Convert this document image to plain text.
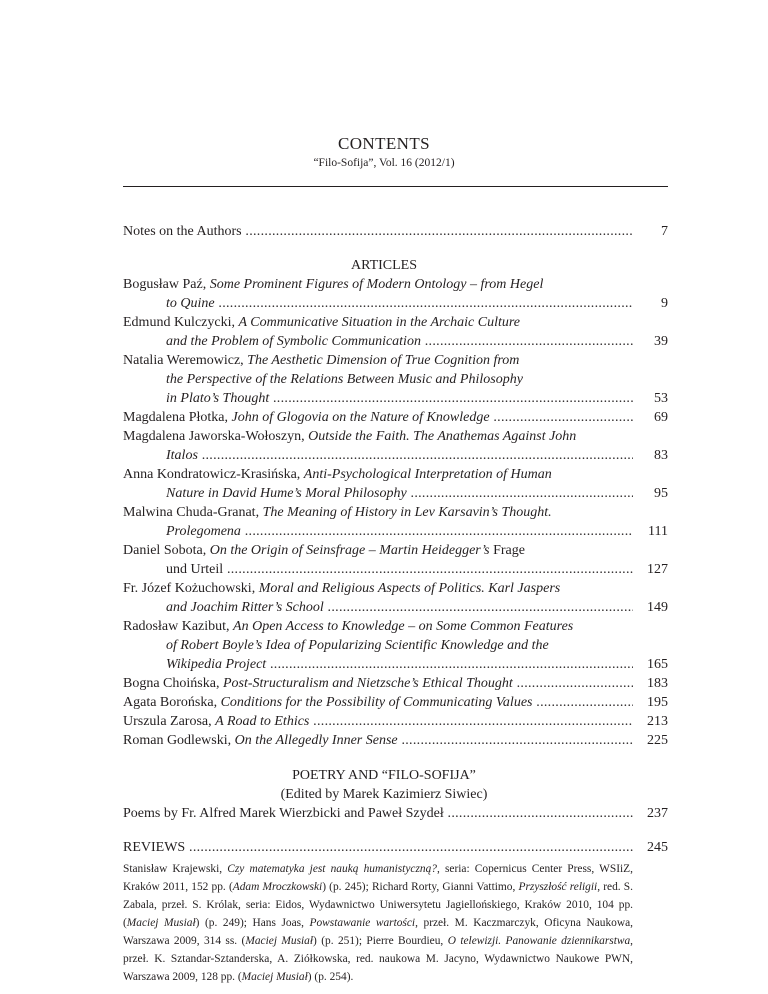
CONTENTS
“Filo-Sofija”, Vol. 16 (2012/1)
Notes on the Authors .....	7
ARTICLES
Bogusław Paź, Some Prominent Figures of Modern Ontology – from Hegel
to Quine .....	9
Edmund Kulczycki, A Communicative Situation in the Archaic Culture
and the Problem of Symbolic Communication .....	39
Natalia Weremowicz, The Aesthetic Dimension of True Cognition from
the Perspective of the Relations Between Music and Philosophy
in Plato’s Thought .....	53
Magdalena Płotka, John of Glogovia on the Nature of Knowledge .....	69
Magdalena Jaworska-Wołoszyn, Outside the Faith. The Anathemas Against John
Italos .....	83
Anna Kondratowicz-Krasińska, Anti-Psychological Interpretation of Human
Nature in David Hume’s Moral Philosophy .....	95
Malwina Chuda-Granat, The Meaning of History in Lev Karsavin’s Thought.
Prolegomena .....	111
Daniel Sobota, On the Origin of Seinsfrage – Martin Heidegger’s Frage
und Urteil .....	127
Fr. Józef Kożuchowski, Moral and Religious Aspects of Politics. Karl Jaspers
and Joachim Ritter’s School .....	149
Radosław Kazibut, An Open Access to Knowledge – on Some Common Features
of Robert Boyle’s Idea of Popularizing Scientific Knowledge and the
Wikipedia Project .....	165
Bogna Choińska, Post-Structuralism and Nietzsche’s Ethical Thought .....	183
Agata Borońska, Conditions for the Possibility of Communicating Values .....	195
Urszula Zarosa, A Road to Ethics .....	213
Roman Godlewski, On the Allegedly Inner Sense .....	225
POETRY AND “FILO-SOFIJA”
(Edited by Marek Kazimierz Siwiec)
Poems by Fr. Alfred Marek Wierzbicki and Paweł Szydeł .....	237
REVIEWS .....	245
Stanisław Krajewski, Czy matematyka jest nauką humanistyczną?, seria: Copernicus Center Press, WSIiZ, Kraków 2011, 152 pp. (Adam Mroczkowski) (p. 245); Richard Rorty, Gianni Vattimo, Przyszłość religii, red. S. Zabala, przeł. S. Królak, seria: Eidos, Wydawnictwo Uniwersytetu Jagiellońskiego, Kraków 2010, 104 pp. (Maciej Musiał) (p. 249); Hans Joas, Powstawanie wartości, przeł. M. Kaczmarczyk, Oficyna Naukowa, Warszawa 2009, 314 ss. (Maciej Musiał) (p. 251); Pierre Bourdieu, O telewizji. Panowanie dziennikarstwa, przeł. K. Sztandar-Sztanderska, A. Ziółkowska, red. naukowa M. Jacyno, Wydawnictwo Naukowe PWN, Warszawa 2009, 128 pp. (Maciej Musiał) (p. 254).
